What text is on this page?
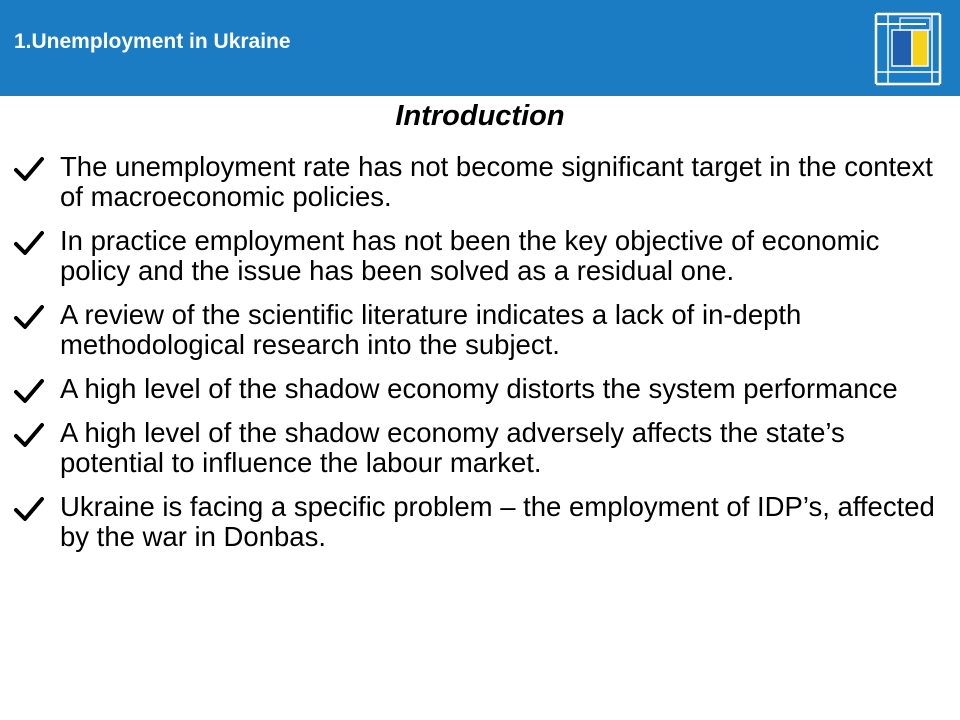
1.Unemployment in Ukraine
Introduction
The unemployment rate has not become significant target in the context of macroeconomic policies.
In practice employment has not been the key objective of economic policy and the issue has been solved as a residual one.
A review of the scientific literature indicates a lack of in-depth methodological research into the subject.
A high level of the shadow economy distorts the system performance
A high level of the shadow economy adversely affects the state’s potential to influence the labour market.
Ukraine is facing a specific problem – the employment of IDP’s, affected by the war in Donbas.
